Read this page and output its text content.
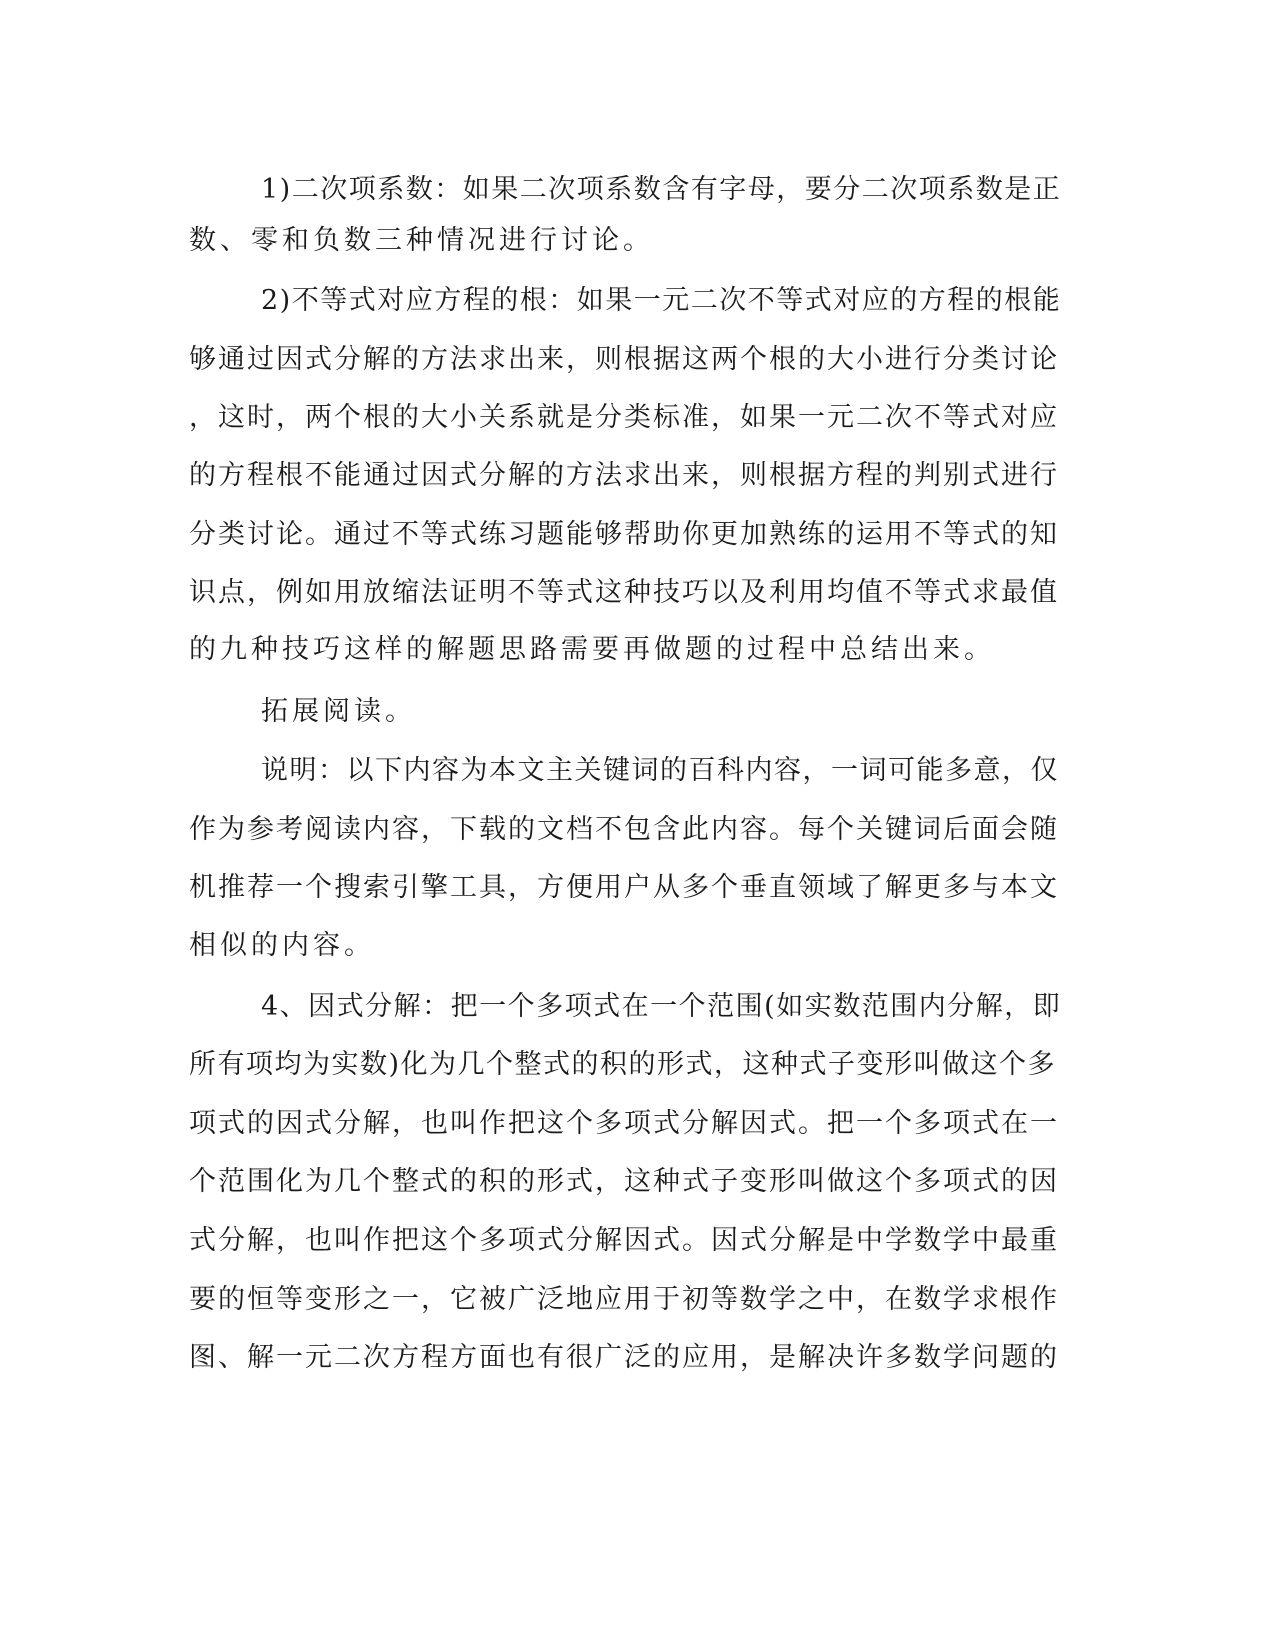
1)二次项系数：如果二次项系数含有字母，要分二次项系数是正

数、零和负数三种情况进行讨论。

2)不等式对应方程的根：如果一元二次不等式对应的方程的根能

够通过因式分解的方法求出来，则根据这两个根的大小进行分类讨论

，这时，两个根的大小关系就是分类标准，如果一元二次不等式对应

的方程根不能通过因式分解的方法求出来，则根据方程的判别式进行

分类讨论。通过不等式练习题能够帮助你更加熟练的运用不等式的知

识点，例如用放缩法证明不等式这种技巧以及利用均值不等式求最值

的九种技巧这样的解题思路需要再做题的过程中总结出来。

拓展阅读。

说明：以下内容为本文主关键词的百科内容，一词可能多意，仅

作为参考阅读内容，下载的文档不包含此内容。每个关键词后面会随

机推荐一个搜索引擎工具，方便用户从多个垂直领域了解更多与本文

相似的内容。

4、因式分解：把一个多项式在一个范围(如实数范围内分解，即

所有项均为实数)化为几个整式的积的形式，这种式子变形叫做这个多

项式的因式分解，也叫作把这个多项式分解因式。把一个多项式在一

个范围化为几个整式的积的形式，这种式子变形叫做这个多项式的因

式分解，也叫作把这个多项式分解因式。因式分解是中学数学中最重

要的恒等变形之一，它被广泛地应用于初等数学之中，在数学求根作

图、解一元二次方程方面也有很广泛的应用，是解决许多数学问题的
